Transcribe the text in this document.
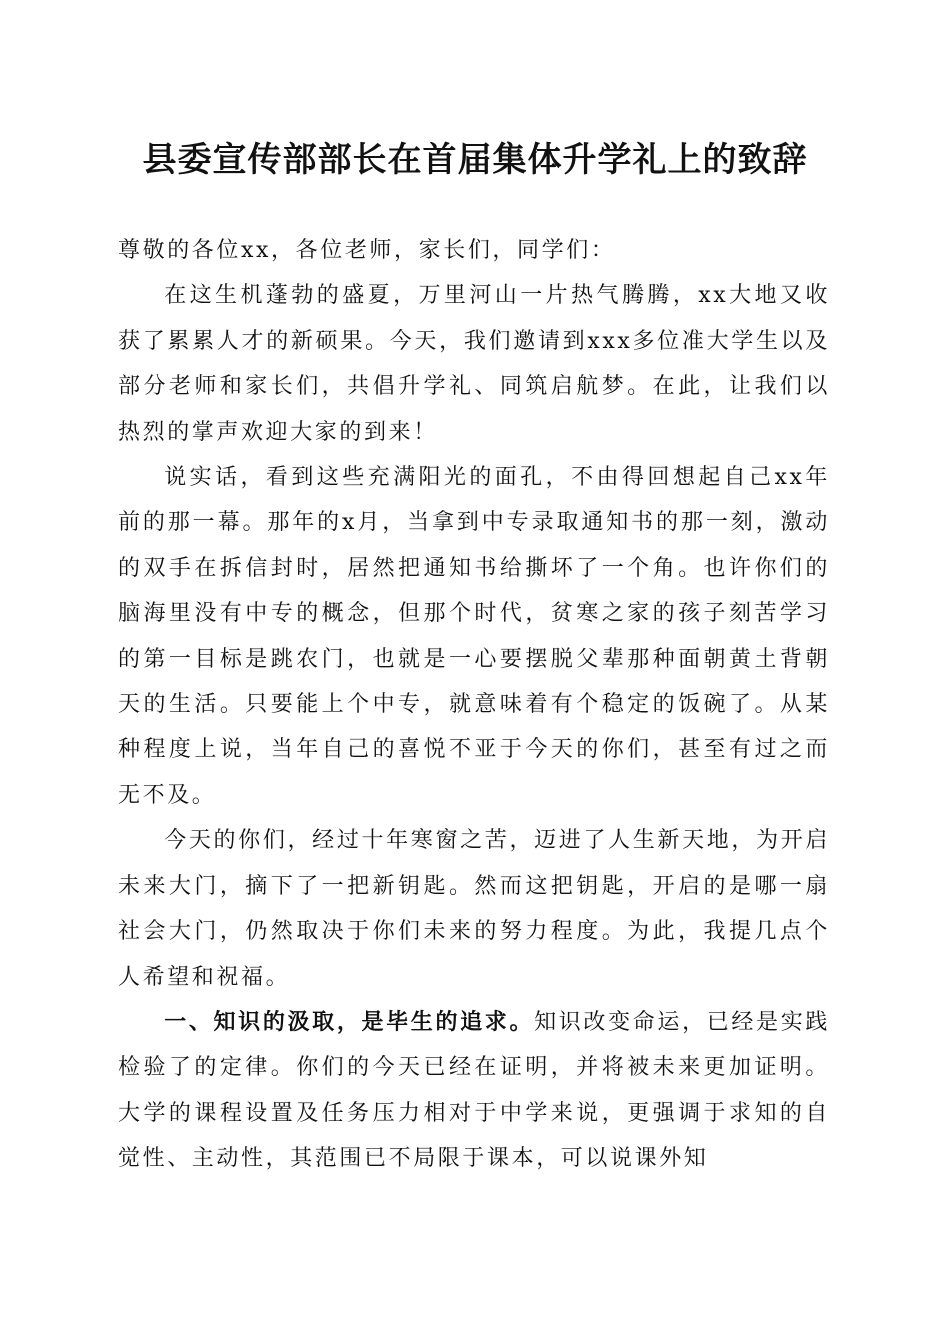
县委宣传部部长在首届集体升学礼上的致辞

尊敬的各位xx，各位老师，家长们，同学们：

在这生机蓬勃的盛夏，万里河山一片热气腾腾，xx大地又收获了累累人才的新硕果。今天，我们邀请到xxx多位准大学生以及部分老师和家长们，共倡升学礼、同筑启航梦。在此，让我们以热烈的掌声欢迎大家的到来！

说实话，看到这些充满阳光的面孔，不由得回想起自己xx年前的那一幕。那年的x月，当拿到中专录取通知书的那一刻，激动的双手在拆信封时，居然把通知书给撕坏了一个角。也许你们的脑海里没有中专的概念，但那个时代，贫寒之家的孩子刻苦学习的第一目标是跳农门，也就是一心要摆脱父辈那种面朝黄土背朝天的生活。只要能上个中专，就意味着有个稳定的饭碗了。从某种程度上说，当年自己的喜悦不亚于今天的你们，甚至有过之而无不及。

今天的你们，经过十年寒窗之苦，迈进了人生新天地，为开启未来大门，摘下了一把新钥匙。然而这把钥匙，开启的是哪一扇社会大门，仍然取决于你们未来的努力程度。为此，我提几点个人希望和祝福。

一、知识的汲取，是毕生的追求。知识改变命运，已经是实践检验了的定律。你们的今天已经在证明，并将被未来更加证明。大学的课程设置及任务压力相对于中学来说，更强调于求知的自觉性、主动性，其范围已不局限于课本，可以说课外知
